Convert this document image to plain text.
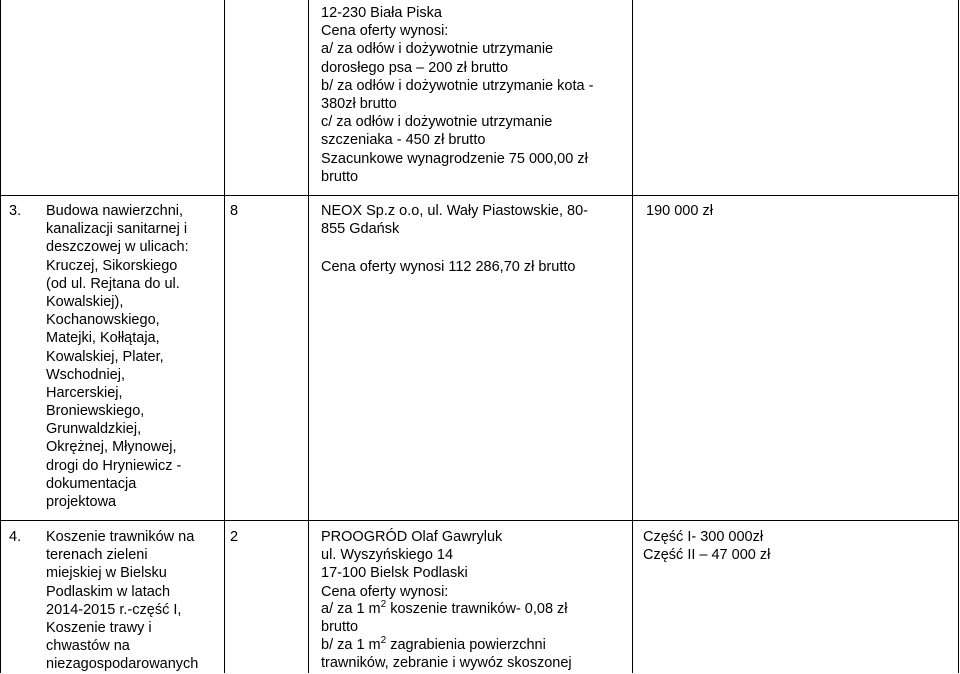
12-230 Biała Piska
Cena oferty wynosi:
a/ za odłów i dożywotnie utrzymanie
dorosłego psa – 200 zł brutto
b/ za odłów i dożywotnie utrzymanie kota -
380zł brutto
c/ za odłów i dożywotnie utrzymanie
szczeniaka - 450 zł brutto
Szacunkowe wynagrodzenie 75 000,00 zł
brutto
3. Budowa nawierzchni,
kanalizacji sanitarnej i
deszczowej w ulicach:
Kruczej, Sikorskiego
(od ul. Rejtana do ul.
Kowalskiej),
Kochanowskiego,
Matejki, Kołłątaja,
Kowalskiej, Plater,
Wschodniej,
Harcerskiej,
Broniewskiego,
Grunwaldzkiej,
Okrężnej, Młynowej,
drogi do Hryniewicz -
dokumentacja
projektowa
8	NEOX Sp.z o.o, ul. Wały Piastowskie, 80-
855 Gdańsk
Cena oferty wynosi 112 286,70 zł brutto
190 000 zł
4. Koszenie trawników na
terenach zieleni
miejskiej w Bielsku
Podlaskim w latach
2014-2015 r.-część I,
Koszenie trawy i
chwastów na
niezagospodarowanych
2	PROOGRÓD Olaf Gawryluk
ul. Wyszyńskiego 14
17-100 Bielsk Podlaski
Cena oferty wynosi:
a/ za 1 $m^2$ koszenie trawników- 0,08 zł
brutto
b/ za 1 $m^2$ zagrabienia powierzchni
trawników, zebranie i wywóz skoszonej
Część I- 300 000zł
Część II – 47 000 zł
